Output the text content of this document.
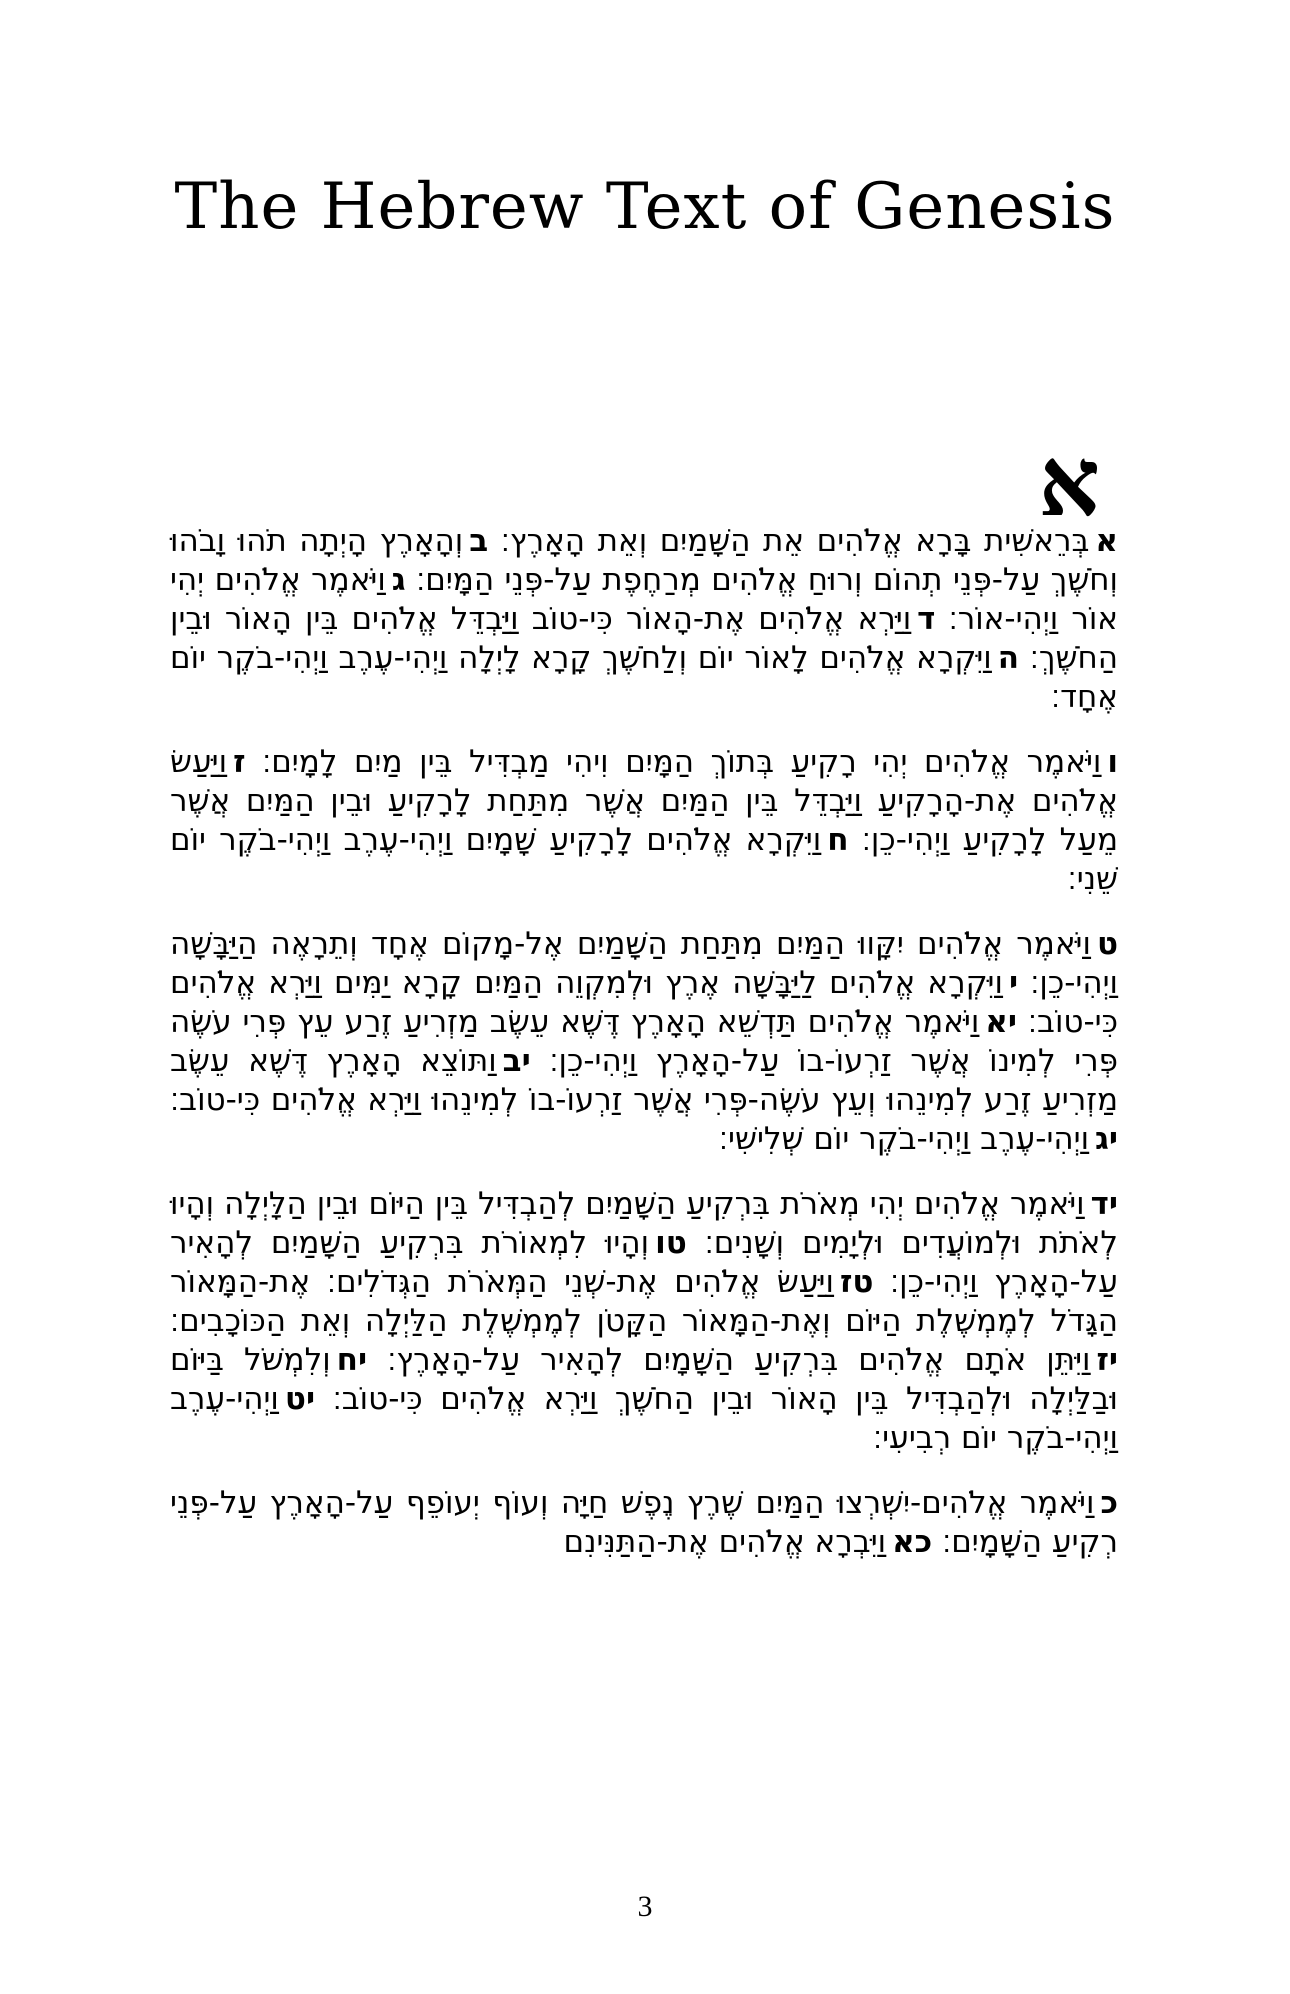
The Hebrew Text of Genesis
א

אבְּרֵאשִׁית בָּרָא אֱלֹהִים אֵת הַשָּׁמַיִם וְאֵת הָאָרֶץ׃ בוְהָאָרֶץ הָיְתָה תֹהוּ וָבֹהוּ וְחֹשֶׁךְ עַל-פְּנֵי תְהוֹם וְרוּחַ אֱלֹהִים מְרַחֶפֶת עַל-פְּנֵי הַמָּיִם׃ גוַיֹּאמֶר אֱלֹהִים יְהִי אוֹר וַיְהִי-אוֹר׃ דוַיַּרְא אֱלֹהִים אֶת-הָאוֹר כִּי-טוֹב וַיַּבְדֵּל אֱלֹהִים בֵּין הָאוֹר וּבֵין הַחֹשֶׁךְ׃ הוַיִּקְרָא אֱלֹהִים לָאוֹר יוֹם וְלַחֹשֶׁךְ קָרָא לָיְלָה וַיְהִי-עֶרֶב וַיְהִי-בֹקֶר יוֹם אֶחָד׃

ווַיֹּאמֶר אֱלֹהִים יְהִי רָקִיעַ בְּתוֹךְ הַמָּיִם וִיהִי מַבְדִּיל בֵּין מַיִם לָמָיִם׃ זוַיַּעַשׂ אֱלֹהִים אֶת-הָרָקִיעַ וַיַּבְדֵּל בֵּין הַמַּיִם אֲשֶׁר מִתַּחַת לָרָקִיעַ וּבֵין הַמַּיִם אֲשֶׁר מֵעַל לָרָקִיעַ וַיְהִי-כֵן׃ חוַיִּקְרָא אֱלֹהִים לָרָקִיעַ שָׁמָיִם וַיְהִי-עֶרֶב וַיְהִי-בֹקֶר יוֹם שֵׁנִי׃

טוַיֹּאמֶר אֱלֹהִים יִקָּווּ הַמַּיִם מִתַּחַת הַשָּׁמַיִם אֶל-מָקוֹם אֶחָד וְתֵרָאֶה הַיַּבָּשָׁה וַיְהִי-כֵן׃ יוַיִּקְרָא אֱלֹהִים לַיַּבָּשָׁה אֶרֶץ וּלְמִקְוֵה הַמַּיִם קָרָא יַמִּים וַיַּרְא אֱלֹהִים כִּי-טוֹב׃ יאוַיֹּאמֶר אֱלֹהִים תַּדְשֵׁא הָאָרֶץ דֶּשֶׁא עֵשֶׂב מַזְרִיעַ זֶרַע עֵץ פְּרִי עֹשֶׂה פְּרִי לְמִינוֹ אֲשֶׁר זַרְעוֹ-בוֹ עַל-הָאָרֶץ וַיְהִי-כֵן׃ יבוַתּוֹצֵא הָאָרֶץ דֶּשֶׁא עֵשֶׂב מַזְרִיעַ זֶרַע לְמִינֵהוּ וְעֵץ עֹשֶׂה-פְּרִי אֲשֶׁר זַרְעוֹ-בוֹ לְמִינֵהוּ וַיַּרְא אֱלֹהִים כִּי-טוֹב׃ יגוַיְהִי-עֶרֶב וַיְהִי-בֹקֶר יוֹם שְׁלִישִׁי׃

ידוַיֹּאמֶר אֱלֹהִים יְהִי מְאֹרֹת בִּרְקִיעַ הַשָּׁמַיִם לְהַבְדִּיל בֵּין הַיּוֹם וּבֵין הַלָּיְלָה וְהָיוּ לְאֹתֹת וּלְמוֹעֲדִים וּלְיָמִים וְשָׁנִים׃ טווְהָיוּ לִמְאוֹרֹת בִּרְקִיעַ הַשָּׁמַיִם לְהָאִיר עַל-הָאָרֶץ וַיְהִי-כֵן׃ טזוַיַּעַשׂ אֱלֹהִים אֶת-שְׁנֵי הַמְּאֹרֹת הַגְּדֹלִים׃ אֶת-הַמָּאוֹר הַגָּדֹל לְמֶמְשֶׁלֶת הַיּוֹם וְאֶת-הַמָּאוֹר הַקָּטֹן לְמֶמְשֶׁלֶת הַלַּיְלָה וְאֵת הַכּוֹכָבִים׃ יזוַיִּתֵּן אֹתָם אֱלֹהִים בִּרְקִיעַ הַשָּׁמָיִם לְהָאִיר עַל-הָאָרֶץ׃ יחוְלִמְשֹׁל בַּיּוֹם וּבַלַּיְלָה וּלְהַבְדִּיל בֵּין הָאוֹר וּבֵין הַחֹשֶׁךְ וַיַּרְא אֱלֹהִים כִּי-טוֹב׃ יטוַיְהִי-עֶרֶב וַיְהִי-בֹקֶר יוֹם רְבִיעִי׃

כוַיֹּאמֶר אֱלֹהִים-יִשְׁרְצוּ הַמַּיִם שֶׁרֶץ נֶפֶשׁ חַיָּה וְעוֹף יְעוֹפֵף עַל-הָאָרֶץ עַל-פְּנֵי רְקִיעַ הַשָּׁמָיִם׃ כאוַיִּבְרָא אֱלֹהִים אֶת-הַתַּנִּינִם

3
